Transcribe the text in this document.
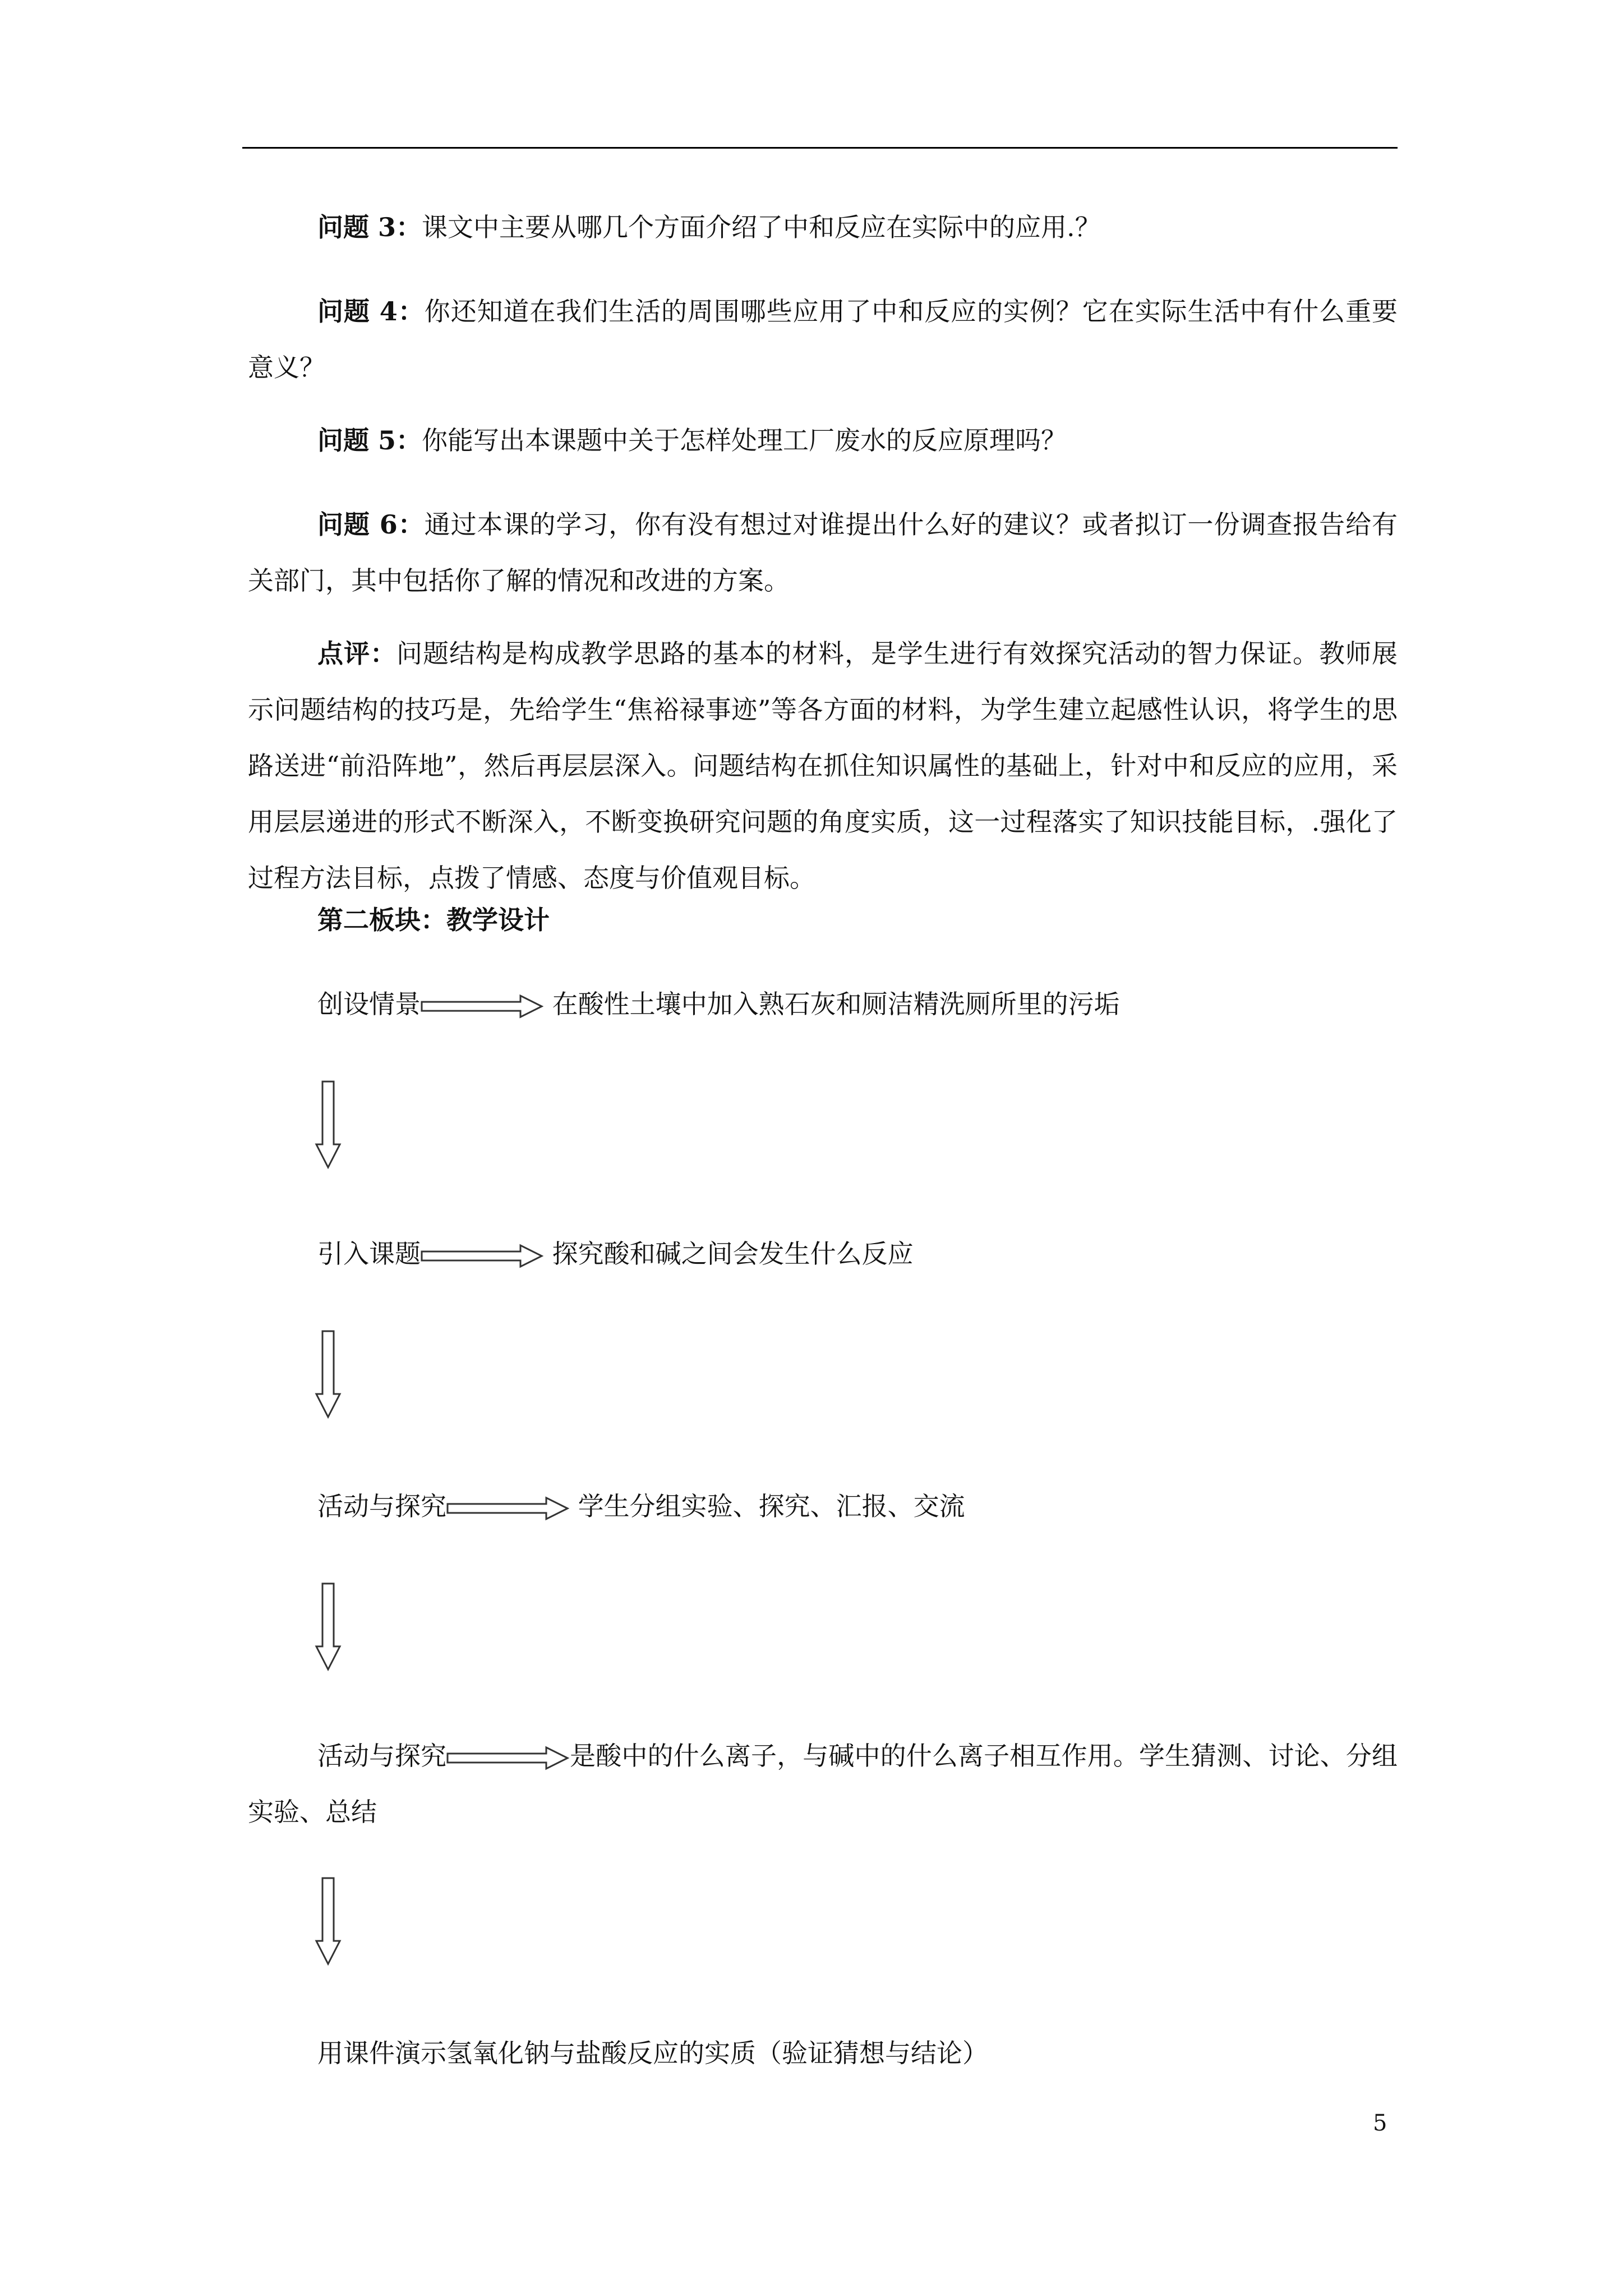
问题 3：课文中主要从哪几个方面介绍了中和反应在实际中的应用.？

问题 4：你还知道在我们生活的周围哪些应用了中和反应的实例？它在实际生活中有什么重要意义？

问题 5：你能写出本课题中关于怎样处理工厂废水的反应原理吗？

问题 6：通过本课的学习，你有没有想过对谁提出什么好的建议？或者拟订一份调查报告给有关部门，其中包括你了解的情况和改进的方案。

点评：问题结构是构成教学思路的基本的材料，是学生进行有效探究活动的智力保证。教师展示问题结构的技巧是，先给学生“焦裕禄事迹”等各方面的材料，为学生建立起感性认识，将学生的思路送进“前沿阵地”，然后再层层深入。问题结构在抓住知识属性的基础上，针对中和反应的应用，采用层层递进的形式不断深入，不断变换研究问题的角度实质，这一过程落实了知识技能目标，.强化了过程方法目标，点拨了情感、态度与价值观目标。

第二板块：教学设计
创设情景	在酸性土壤中加入熟石灰和厕洁精洗厕所里的污垢
引入课题	探究酸和碱之间会发生什么反应
活动与探究	学生分组实验、探究、汇报、交流
活动与探究	是酸中的什么离子，与碱中的什么离子相互作用。学生猜测、讨论、分组实验、总结
用课件演示氢氧化钠与盐酸反应的实质（验证猜想与结论）
5
